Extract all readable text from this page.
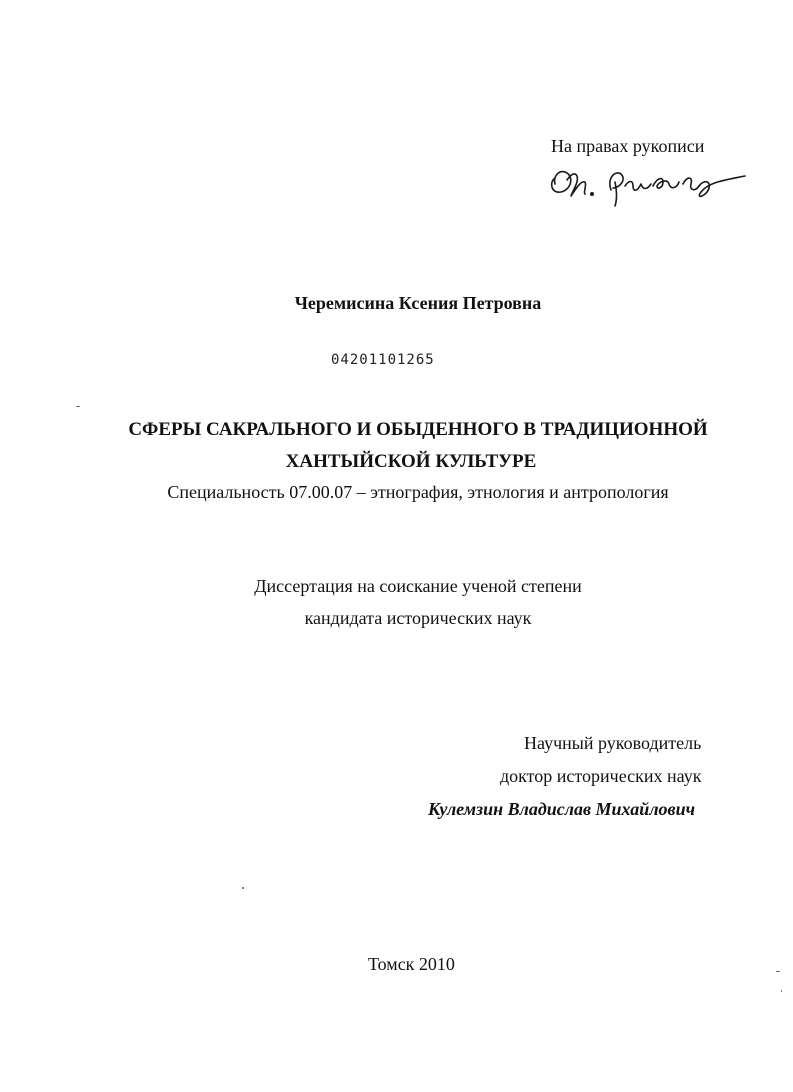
На правах рукописи
Черемисина Ксения Петровна
04201101265
СФЕРЫ САКРАЛЬНОГО И ОБЫДЕННОГО В ТРАДИЦИОННОЙ
ХАНТЫЙСКОЙ КУЛЬТУРЕ
Специальность 07.00.07 – этнография, этнология и антропология
Диссертация на соискание ученой степени
кандидата исторических наук
Научный руководитель
доктор исторических наук
Кулемзин Владислав Михайлович
Томск 2010
